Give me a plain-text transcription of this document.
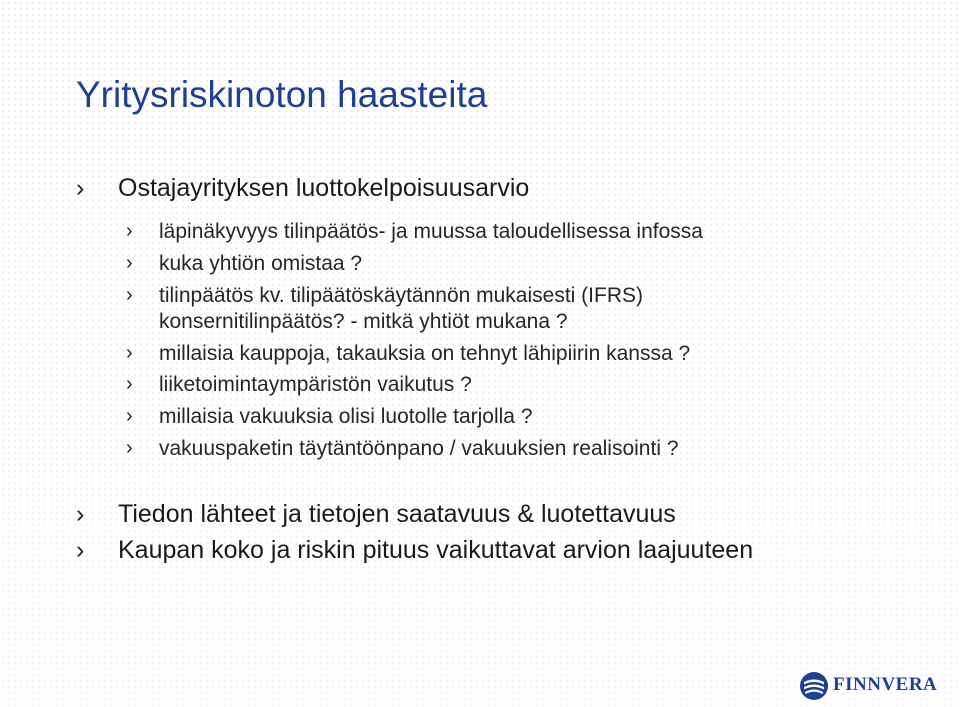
Yritysriskinoton haasteita
› Ostajayrityksen luottokelpoisuusarvio
› läpinäkyvyys tilinpäätös- ja muussa taloudellisessa infossa
› kuka yhtiön omistaa ?
› tilinpäätös kv. tilipäätöskäytännön mukaisesti (IFRS)
konsernitilinpäätös? - mitkä yhtiöt mukana ?
› millaisia kauppoja, takauksia on tehnyt lähipiirin kanssa ?
› liiketoimintaympäristön vaikutus ?
› millaisia vakuuksia olisi luotolle tarjolla ?
› vakuuspaketin täytäntöönpano / vakuuksien realisointi ?
› Tiedon lähteet ja tietojen saatavuus & luotettavuus
› Kaupan koko ja riskin pituus vaikuttavat arvion laajuuteen
FINNVERA
